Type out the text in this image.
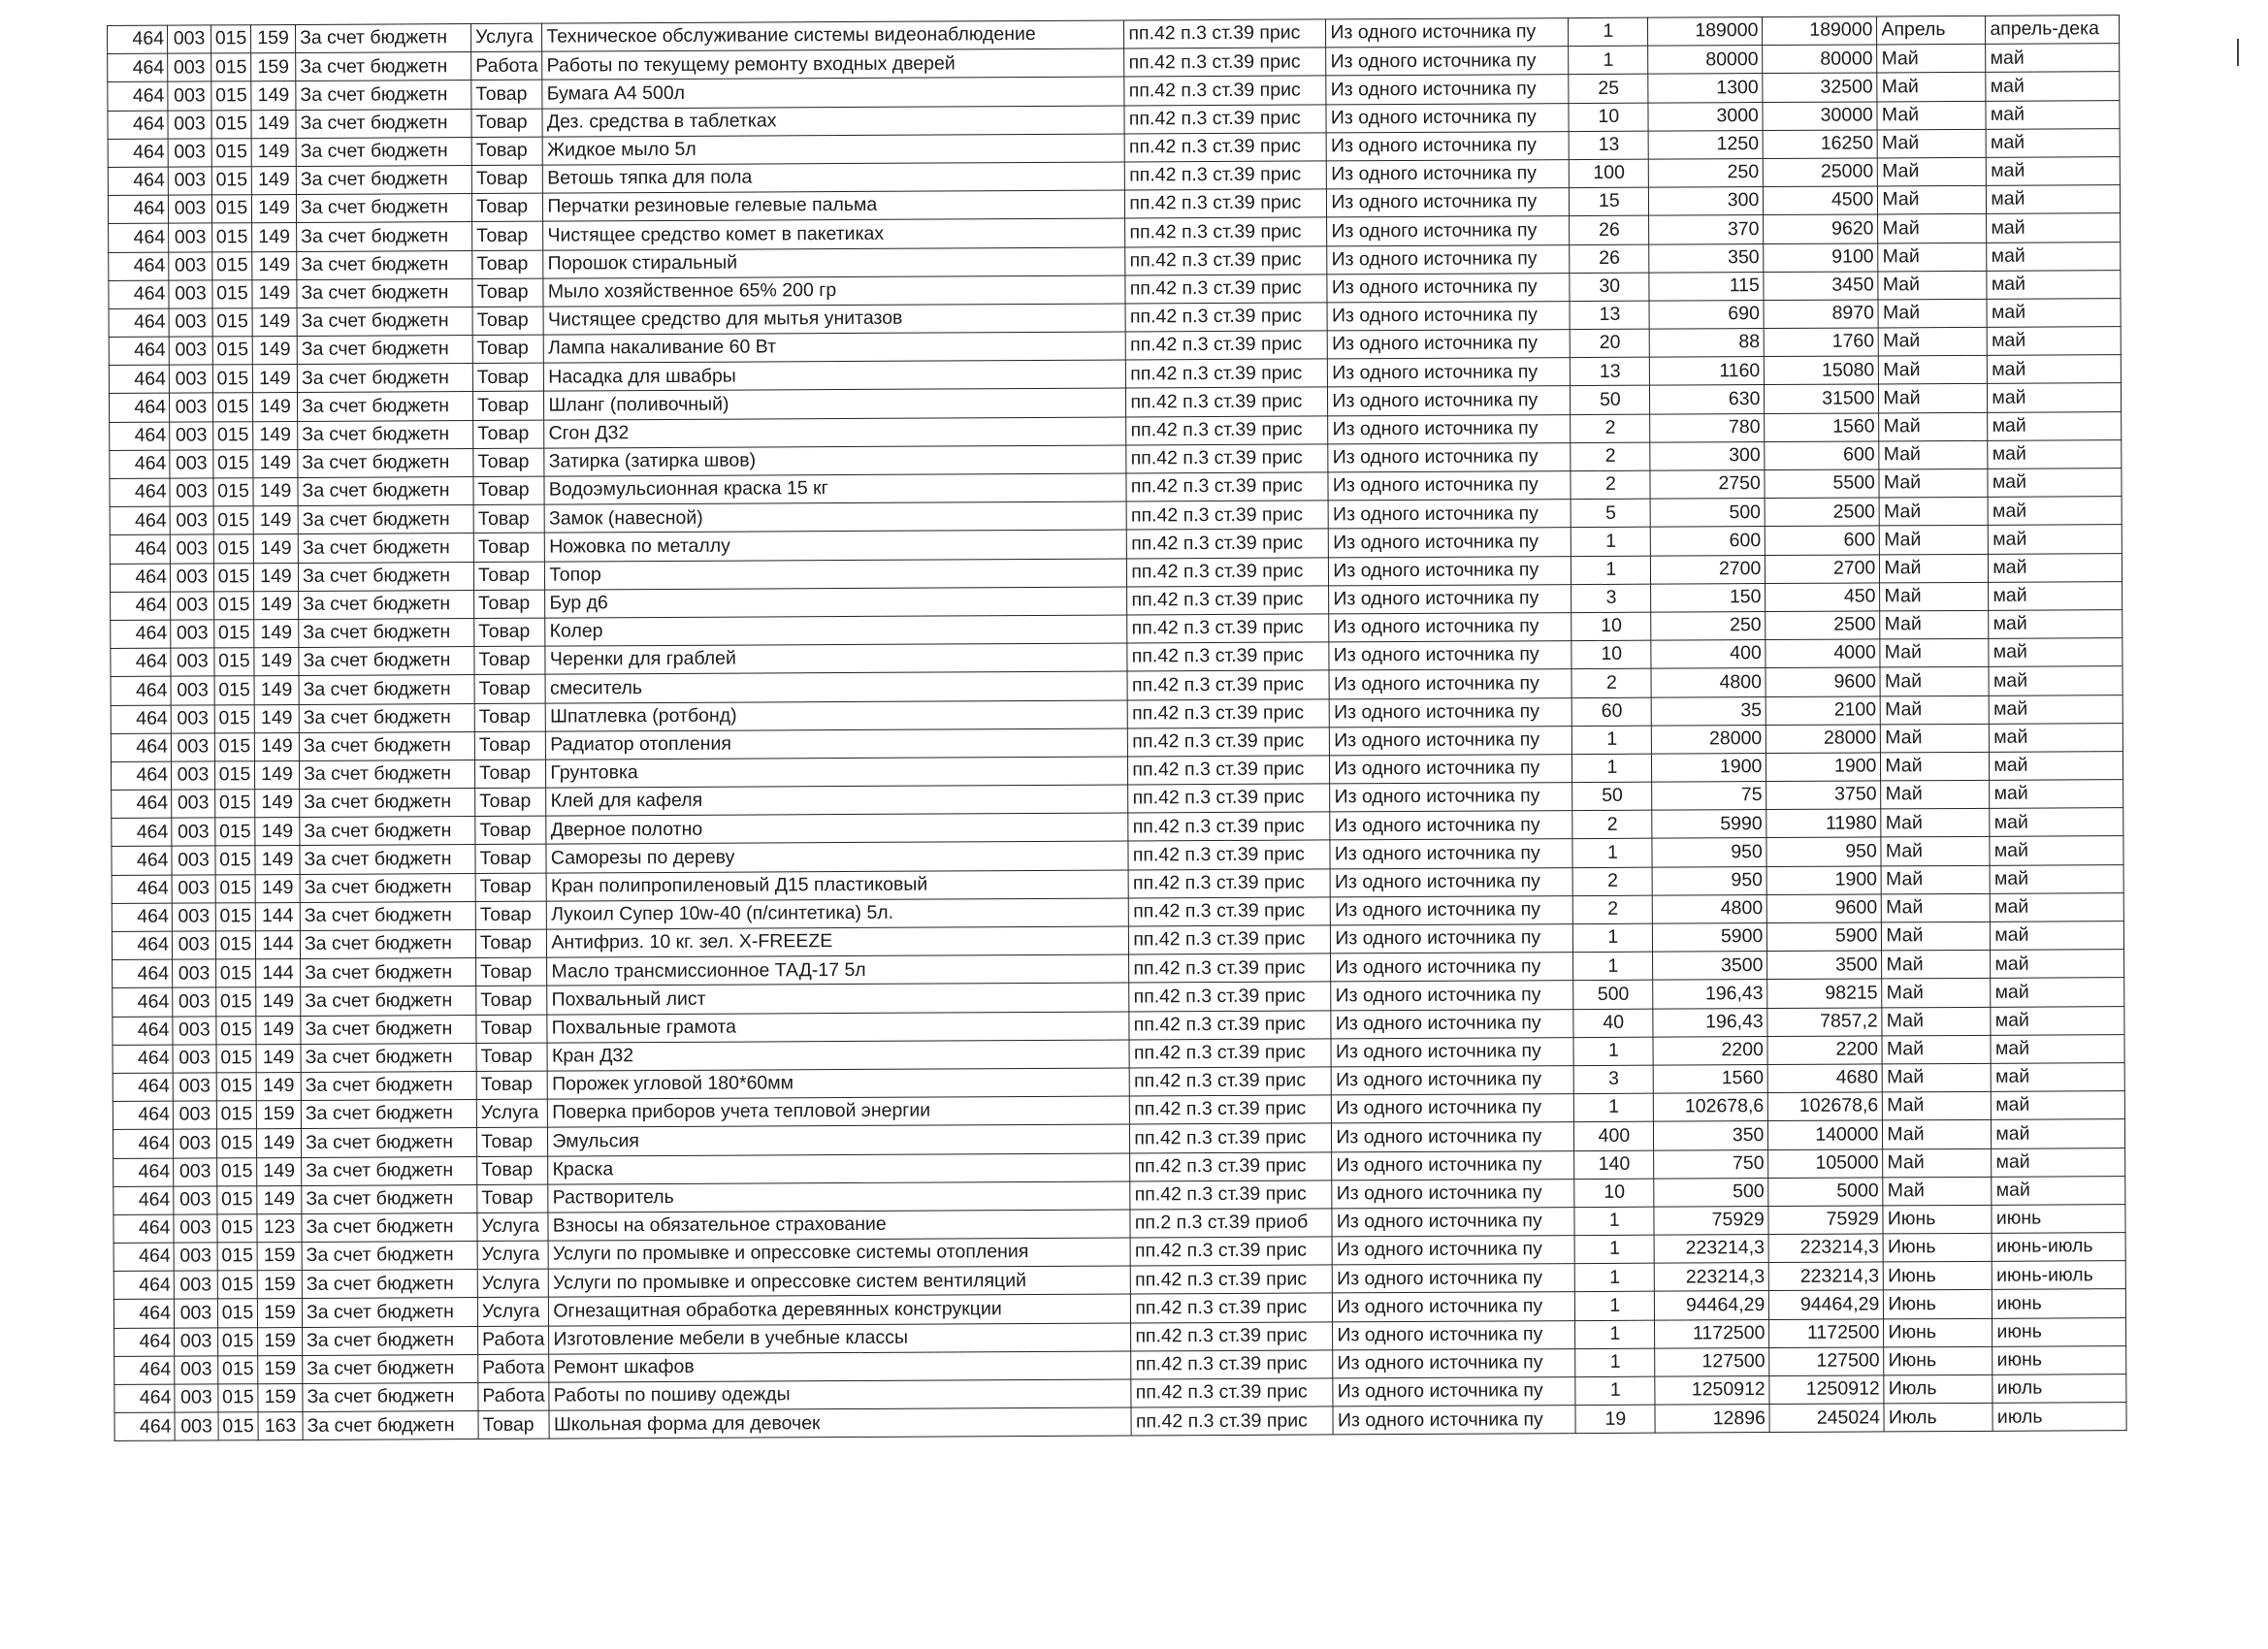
464	003	015	159	За счет бюджетн	Услуга	Техническое обслуживание системы видеонаблюдение	пп.42 п.3 ст.39 прис	Из одного источника пу	1	189000	189000	Апрель	апрель-дека
464	003	015	159	За счет бюджетн	Работа	Работы по текущему ремонту входных дверей	пп.42 п.3 ст.39 прис	Из одного источника пу	1	80000	80000	Май	май
464	003	015	149	За счет бюджетн	Товар	Бумага А4 500л	пп.42 п.3 ст.39 прис	Из одного источника пу	25	1300	32500	Май	май
464	003	015	149	За счет бюджетн	Товар	Дез. средства в таблетках	пп.42 п.3 ст.39 прис	Из одного источника пу	10	3000	30000	Май	май
464	003	015	149	За счет бюджетн	Товар	Жидкое мыло 5л	пп.42 п.3 ст.39 прис	Из одного источника пу	13	1250	16250	Май	май
464	003	015	149	За счет бюджетн	Товар	Ветошь тяпка для пола	пп.42 п.3 ст.39 прис	Из одного источника пу	100	250	25000	Май	май
464	003	015	149	За счет бюджетн	Товар	Перчатки резиновые гелевые пальма	пп.42 п.3 ст.39 прис	Из одного источника пу	15	300	4500	Май	май
464	003	015	149	За счет бюджетн	Товар	Чистящее средство комет в пакетиках	пп.42 п.3 ст.39 прис	Из одного источника пу	26	370	9620	Май	май
464	003	015	149	За счет бюджетн	Товар	Порошок стиральный	пп.42 п.3 ст.39 прис	Из одного источника пу	26	350	9100	Май	май
464	003	015	149	За счет бюджетн	Товар	Мыло хозяйственное 65% 200 гр	пп.42 п.3 ст.39 прис	Из одного источника пу	30	115	3450	Май	май
464	003	015	149	За счет бюджетн	Товар	Чистящее средство для мытья унитазов	пп.42 п.3 ст.39 прис	Из одного источника пу	13	690	8970	Май	май
464	003	015	149	За счет бюджетн	Товар	Лампа накаливание 60 Вт	пп.42 п.3 ст.39 прис	Из одного источника пу	20	88	1760	Май	май
464	003	015	149	За счет бюджетн	Товар	Насадка для швабры	пп.42 п.3 ст.39 прис	Из одного источника пу	13	1160	15080	Май	май
464	003	015	149	За счет бюджетн	Товар	Шланг (поливочный)	пп.42 п.3 ст.39 прис	Из одного источника пу	50	630	31500	Май	май
464	003	015	149	За счет бюджетн	Товар	Сгон Д32	пп.42 п.3 ст.39 прис	Из одного источника пу	2	780	1560	Май	май
464	003	015	149	За счет бюджетн	Товар	Затирка (затирка швов)	пп.42 п.3 ст.39 прис	Из одного источника пу	2	300	600	Май	май
464	003	015	149	За счет бюджетн	Товар	Водоэмульсионная краска 15 кг	пп.42 п.3 ст.39 прис	Из одного источника пу	2	2750	5500	Май	май
464	003	015	149	За счет бюджетн	Товар	Замок (навесной)	пп.42 п.3 ст.39 прис	Из одного источника пу	5	500	2500	Май	май
464	003	015	149	За счет бюджетн	Товар	Ножовка по металлу	пп.42 п.3 ст.39 прис	Из одного источника пу	1	600	600	Май	май
464	003	015	149	За счет бюджетн	Товар	Топор	пп.42 п.3 ст.39 прис	Из одного источника пу	1	2700	2700	Май	май
464	003	015	149	За счет бюджетн	Товар	Бур д6	пп.42 п.3 ст.39 прис	Из одного источника пу	3	150	450	Май	май
464	003	015	149	За счет бюджетн	Товар	Колер	пп.42 п.3 ст.39 прис	Из одного источника пу	10	250	2500	Май	май
464	003	015	149	За счет бюджетн	Товар	Черенки для граблей	пп.42 п.3 ст.39 прис	Из одного источника пу	10	400	4000	Май	май
464	003	015	149	За счет бюджетн	Товар	смеситель	пп.42 п.3 ст.39 прис	Из одного источника пу	2	4800	9600	Май	май
464	003	015	149	За счет бюджетн	Товар	Шпатлевка (ротбонд)	пп.42 п.3 ст.39 прис	Из одного источника пу	60	35	2100	Май	май
464	003	015	149	За счет бюджетн	Товар	Радиатор отопления	пп.42 п.3 ст.39 прис	Из одного источника пу	1	28000	28000	Май	май
464	003	015	149	За счет бюджетн	Товар	Грунтовка	пп.42 п.3 ст.39 прис	Из одного источника пу	1	1900	1900	Май	май
464	003	015	149	За счет бюджетн	Товар	Клей для кафеля	пп.42 п.3 ст.39 прис	Из одного источника пу	50	75	3750	Май	май
464	003	015	149	За счет бюджетн	Товар	Дверное полотно	пп.42 п.3 ст.39 прис	Из одного источника пу	2	5990	11980	Май	май
464	003	015	149	За счет бюджетн	Товар	Саморезы по дереву	пп.42 п.3 ст.39 прис	Из одного источника пу	1	950	950	Май	май
464	003	015	149	За счет бюджетн	Товар	Кран полипропиленовый Д15 пластиковый	пп.42 п.3 ст.39 прис	Из одного источника пу	2	950	1900	Май	май
464	003	015	144	За счет бюджетн	Товар	Лукоил Супер 10w-40 (п/синтетика) 5л.	пп.42 п.3 ст.39 прис	Из одного источника пу	2	4800	9600	Май	май
464	003	015	144	За счет бюджетн	Товар	Антифриз. 10 кг. зел. X-FREEZE	пп.42 п.3 ст.39 прис	Из одного источника пу	1	5900	5900	Май	май
464	003	015	144	За счет бюджетн	Товар	Масло трансмиссионное ТАД-17 5л	пп.42 п.3 ст.39 прис	Из одного источника пу	1	3500	3500	Май	май
464	003	015	149	За счет бюджетн	Товар	Похвальный лист	пп.42 п.3 ст.39 прис	Из одного источника пу	500	196,43	98215	Май	май
464	003	015	149	За счет бюджетн	Товар	Похвальные грамота	пп.42 п.3 ст.39 прис	Из одного источника пу	40	196,43	7857,2	Май	май
464	003	015	149	За счет бюджетн	Товар	Кран Д32	пп.42 п.3 ст.39 прис	Из одного источника пу	1	2200	2200	Май	май
464	003	015	149	За счет бюджетн	Товар	Порожек угловой 180*60мм	пп.42 п.3 ст.39 прис	Из одного источника пу	3	1560	4680	Май	май
464	003	015	159	За счет бюджетн	Услуга	Поверка приборов учета тепловой энергии	пп.42 п.3 ст.39 прис	Из одного источника пу	1	102678,6	102678,6	Май	май
464	003	015	149	За счет бюджетн	Товар	Эмульсия	пп.42 п.3 ст.39 прис	Из одного источника пу	400	350	140000	Май	май
464	003	015	149	За счет бюджетн	Товар	Краска	пп.42 п.3 ст.39 прис	Из одного источника пу	140	750	105000	Май	май
464	003	015	149	За счет бюджетн	Товар	Растворитель	пп.42 п.3 ст.39 прис	Из одного источника пу	10	500	5000	Май	май
464	003	015	123	За счет бюджетн	Услуга	Взносы на обязательное страхование	пп.2 п.3 ст.39 приоб	Из одного источника пу	1	75929	75929	Июнь	июнь
464	003	015	159	За счет бюджетн	Услуга	Услуги по промывке и опрессовке системы отопления	пп.42 п.3 ст.39 прис	Из одного источника пу	1	223214,3	223214,3	Июнь	июнь-июль
464	003	015	159	За счет бюджетн	Услуга	Услуги по промывке и опрессовке систем вентиляций	пп.42 п.3 ст.39 прис	Из одного источника пу	1	223214,3	223214,3	Июнь	июнь-июль
464	003	015	159	За счет бюджетн	Услуга	Огнезащитная обработка деревянных конструкции	пп.42 п.3 ст.39 прис	Из одного источника пу	1	94464,29	94464,29	Июнь	июнь
464	003	015	159	За счет бюджетн	Работа	Изготовление мебели в учебные классы	пп.42 п.3 ст.39 прис	Из одного источника пу	1	1172500	1172500	Июнь	июнь
464	003	015	159	За счет бюджетн	Работа	Ремонт шкафов	пп.42 п.3 ст.39 прис	Из одного источника пу	1	127500	127500	Июнь	июнь
464	003	015	159	За счет бюджетн	Работа	Работы по пошиву одежды	пп.42 п.3 ст.39 прис	Из одного источника пу	1	1250912	1250912	Июль	июль
464	003	015	163	За счет бюджетн	Товар	Школьная форма для девочек	пп.42 п.3 ст.39 прис	Из одного источника пу	19	12896	245024	Июль	июль
